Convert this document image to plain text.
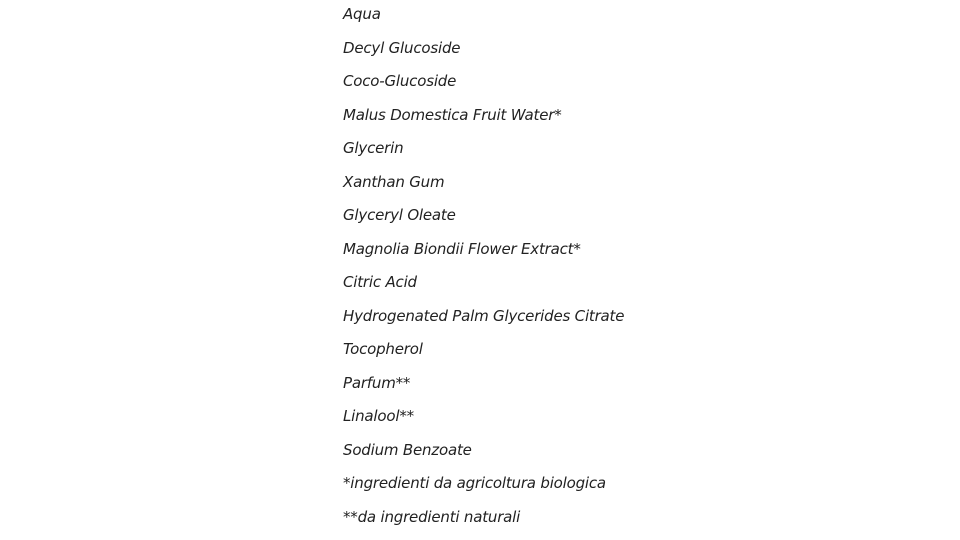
Aqua
Decyl Glucoside
Coco-Glucoside
Malus Domestica Fruit Water*
Glycerin
Xanthan Gum
Glyceryl Oleate
Magnolia Biondii Flower Extract*
Citric Acid
Hydrogenated Palm Glycerides Citrate
Tocopherol
Parfum**
Linalool**
Sodium Benzoate
*ingredienti da agricoltura biologica
**da ingredienti naturali
